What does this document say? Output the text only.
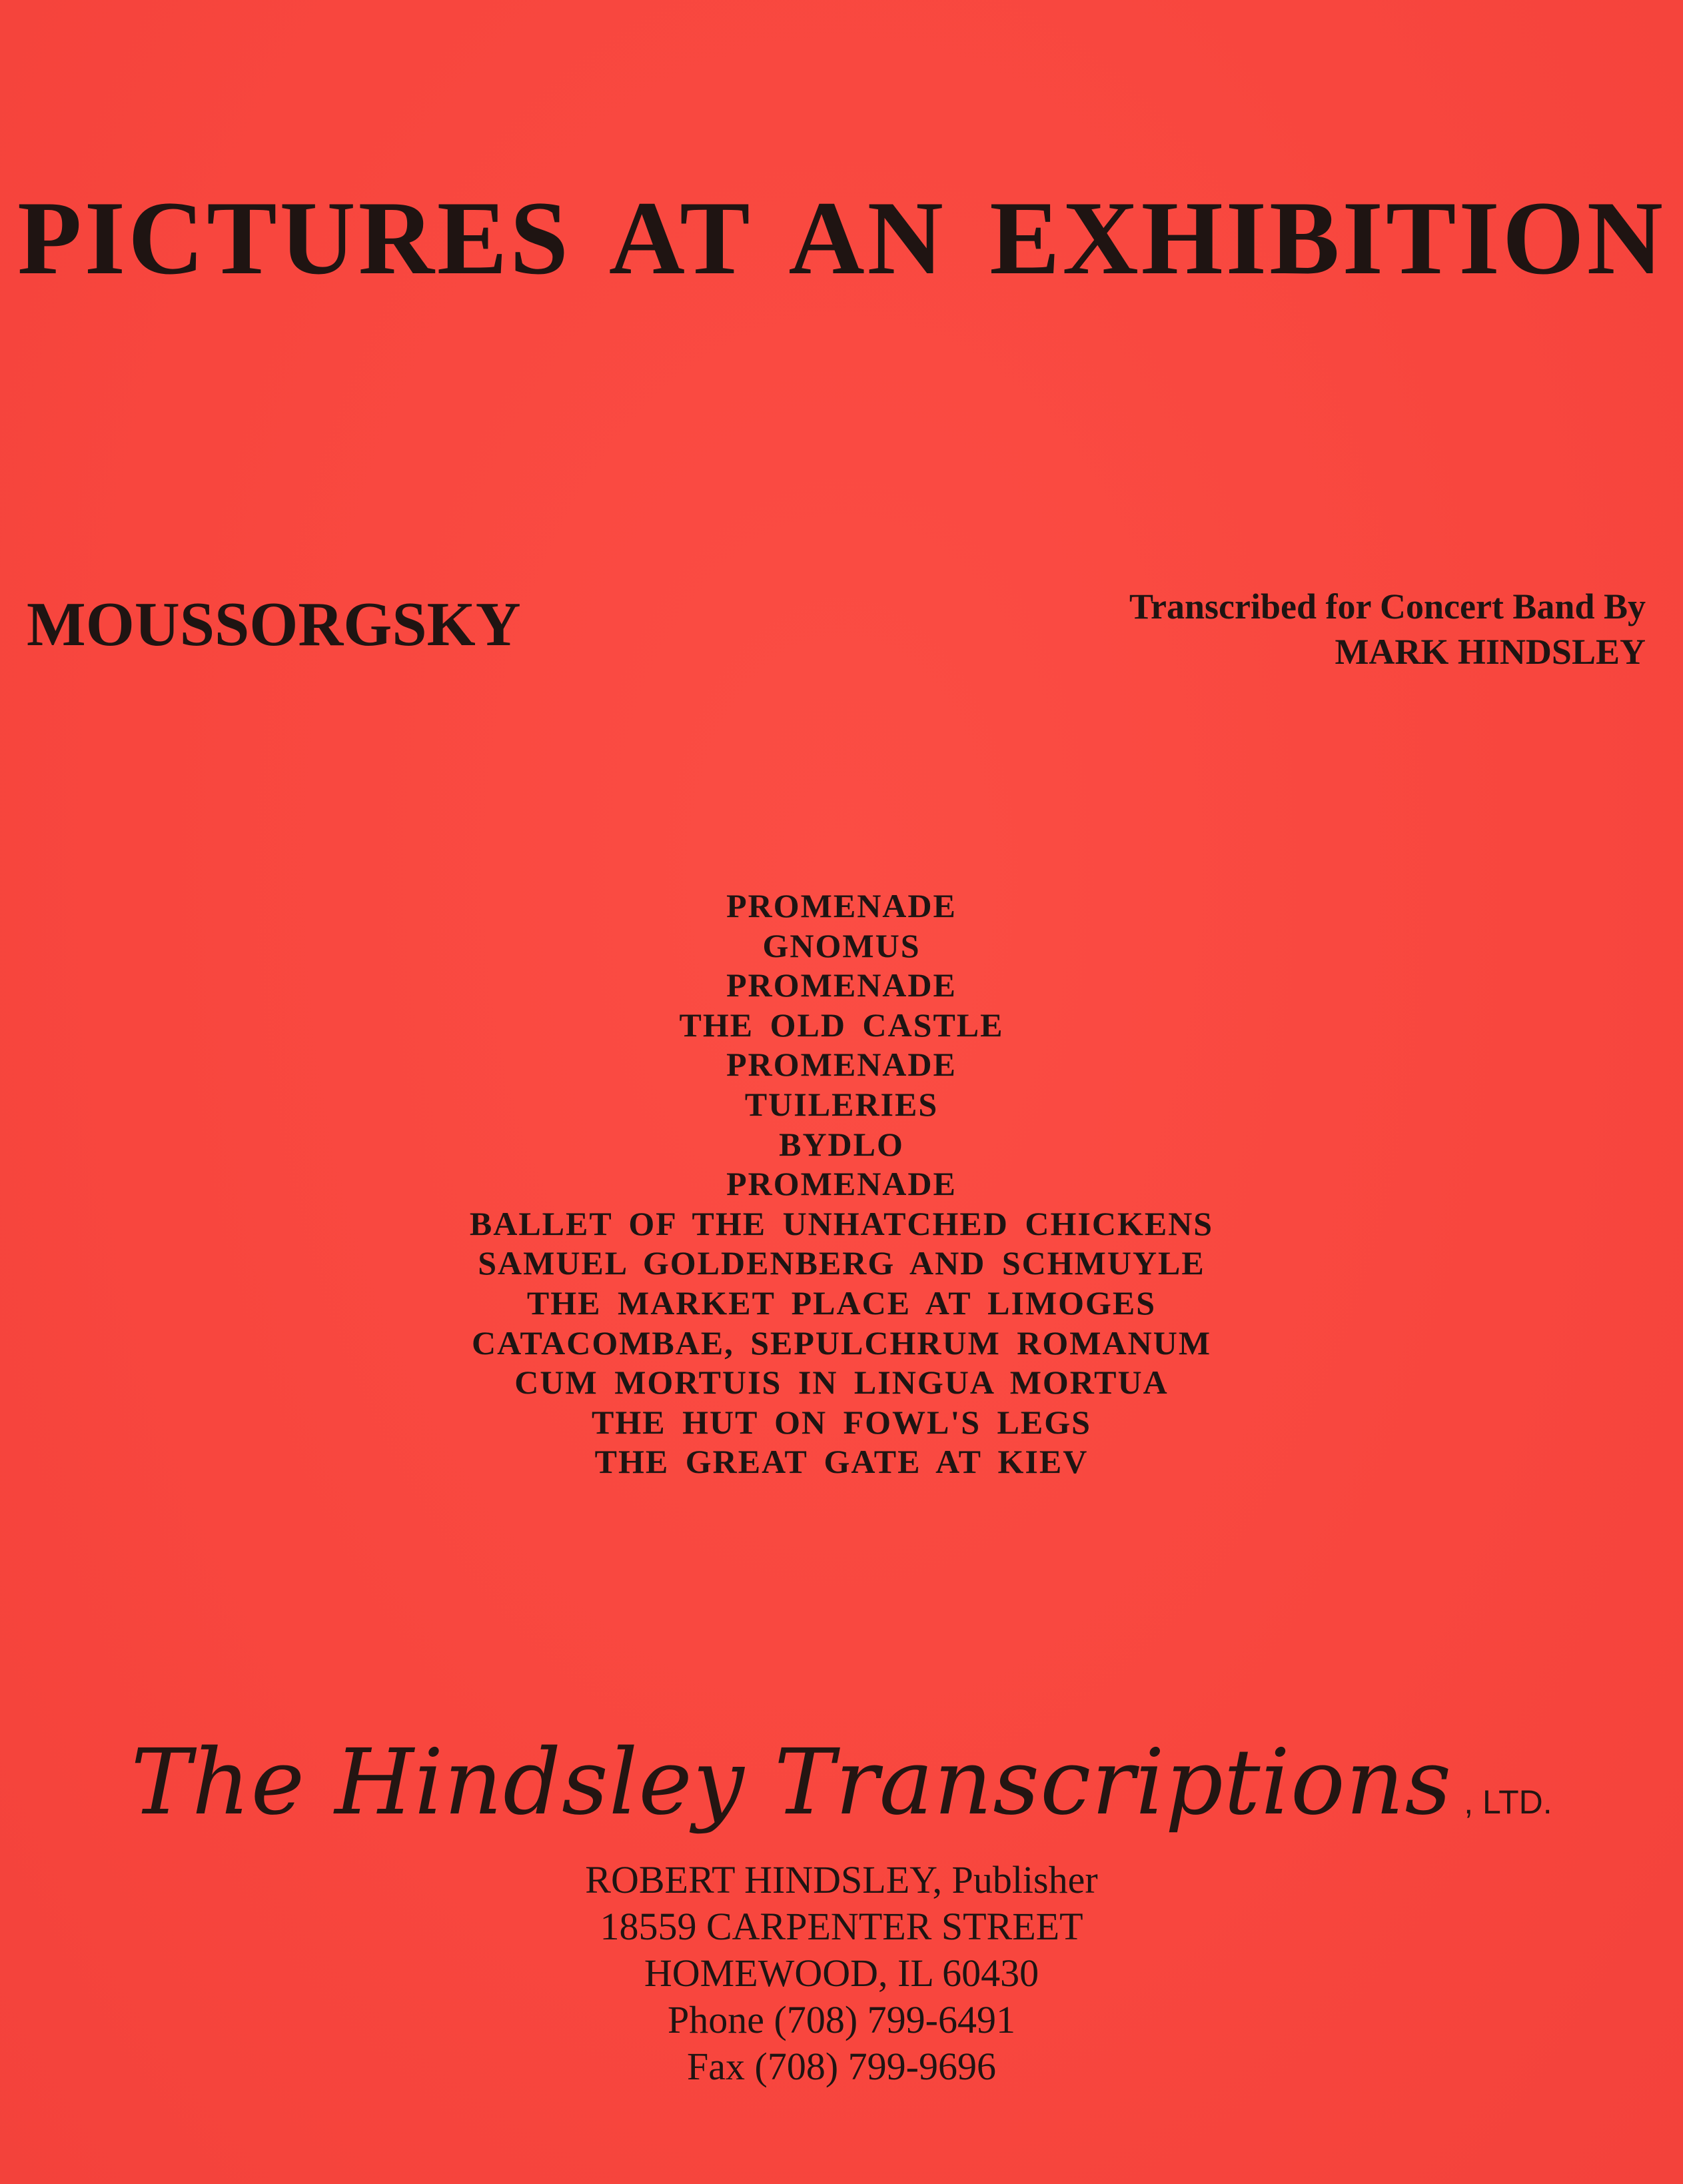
PICTURES AT AN EXHIBITION
MOUSSORGSKY	Transcribed for Concert Band By
MARK HINDSLEY
PROMENADE
GNOMUS
PROMENADE
THE OLD CASTLE
PROMENADE
TUILERIES
BYDLO
PROMENADE
BALLET OF THE UNHATCHED CHICKENS
SAMUEL GOLDENBERG AND SCHMUYLE
THE MARKET PLACE AT LIMOGES
CATACOMBAE, SEPULCHRUM ROMANUM
CUM MORTUIS IN LINGUA MORTUA
THE HUT ON FOWL'S LEGS
THE GREAT GATE AT KIEV
The Hindsley Transcriptions , LTD.
ROBERT HINDSLEY, Publisher
18559 CARPENTER STREET
HOMEWOOD, IL 60430
Phone (708) 799-6491
Fax (708) 799-9696
